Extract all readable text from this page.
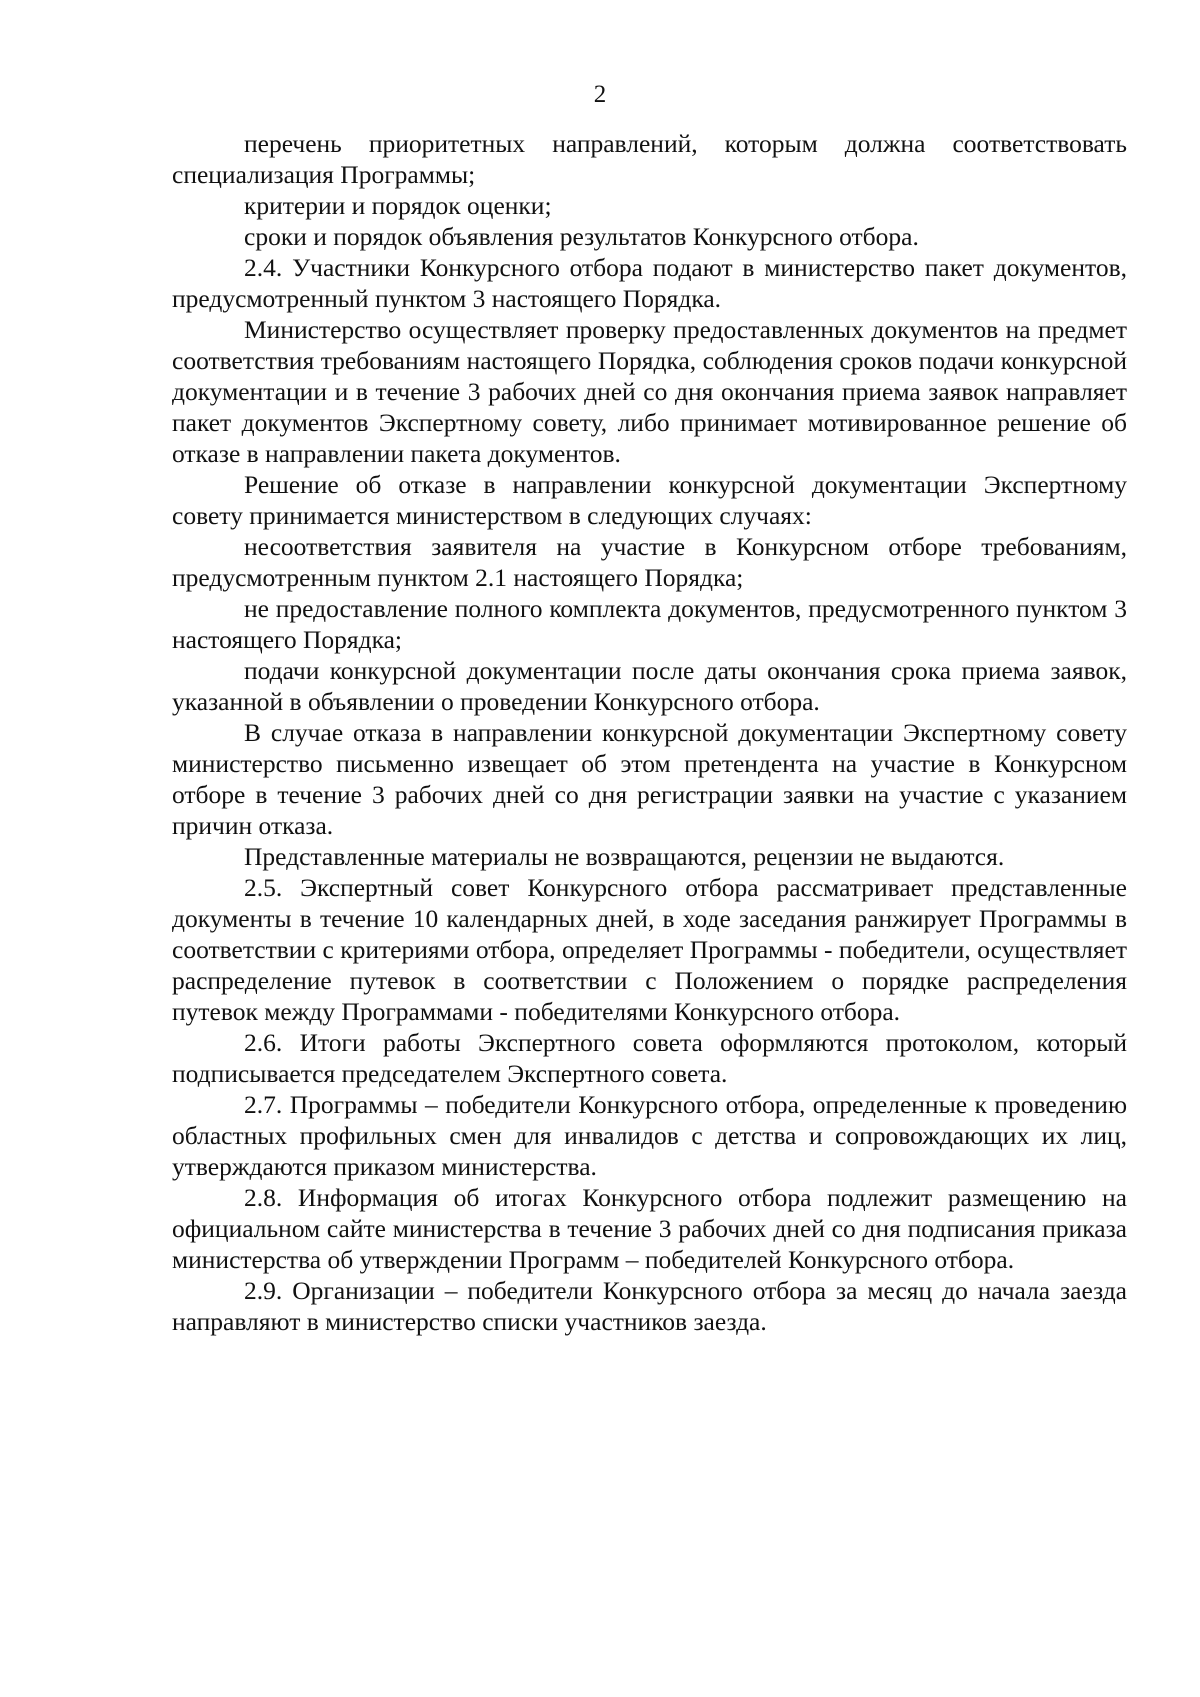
2

перечень приоритетных направлений, которым должна соответствовать специализация Программы;

критерии и порядок оценки;

сроки и порядок объявления результатов Конкурсного отбора.

2.4. Участники Конкурсного отбора подают в министерство пакет документов, предусмотренный пунктом 3 настоящего Порядка.

Министерство осуществляет проверку предоставленных документов на предмет соответствия требованиям настоящего Порядка, соблюдения сроков подачи конкурсной документации и в течение 3 рабочих дней со дня окончания приема заявок направляет пакет документов Экспертному совету, либо принимает мотивированное решение об отказе в направлении пакета документов.

Решение об отказе в направлении конкурсной документации Экспертному совету принимается министерством в следующих случаях:

несоответствия заявителя на участие в Конкурсном отборе требованиям, предусмотренным пунктом 2.1 настоящего Порядка;

не предоставление полного комплекта документов, предусмотренного пунктом 3 настоящего Порядка;

подачи конкурсной документации после даты окончания срока приема заявок, указанной в объявлении о проведении Конкурсного отбора.

В случае отказа в направлении конкурсной документации Экспертному совету министерство письменно извещает об этом претендента на участие в Конкурсном отборе в течение 3 рабочих дней со дня регистрации заявки на участие с указанием причин отказа.

Представленные материалы не возвращаются, рецензии не выдаются.

2.5. Экспертный совет Конкурсного отбора рассматривает представленные документы в течение 10 календарных дней, в ходе заседания ранжирует Программы в соответствии с критериями отбора, определяет Программы - победители, осуществляет распределение путевок в соответствии с Положением о порядке распределения путевок между Программами - победителями Конкурсного отбора.

2.6. Итоги работы Экспертного совета оформляются протоколом, который подписывается председателем Экспертного совета.

2.7. Программы – победители Конкурсного отбора, определенные к проведению областных профильных смен для инвалидов с детства и сопровождающих их лиц, утверждаются приказом министерства.

2.8. Информация об итогах Конкурсного отбора подлежит размещению на официальном сайте министерства в течение 3 рабочих дней со дня подписания приказа министерства об утверждении Программ – победителей Конкурсного отбора.

2.9. Организации – победители Конкурсного отбора за месяц до начала заезда направляют в министерство списки участников заезда.
